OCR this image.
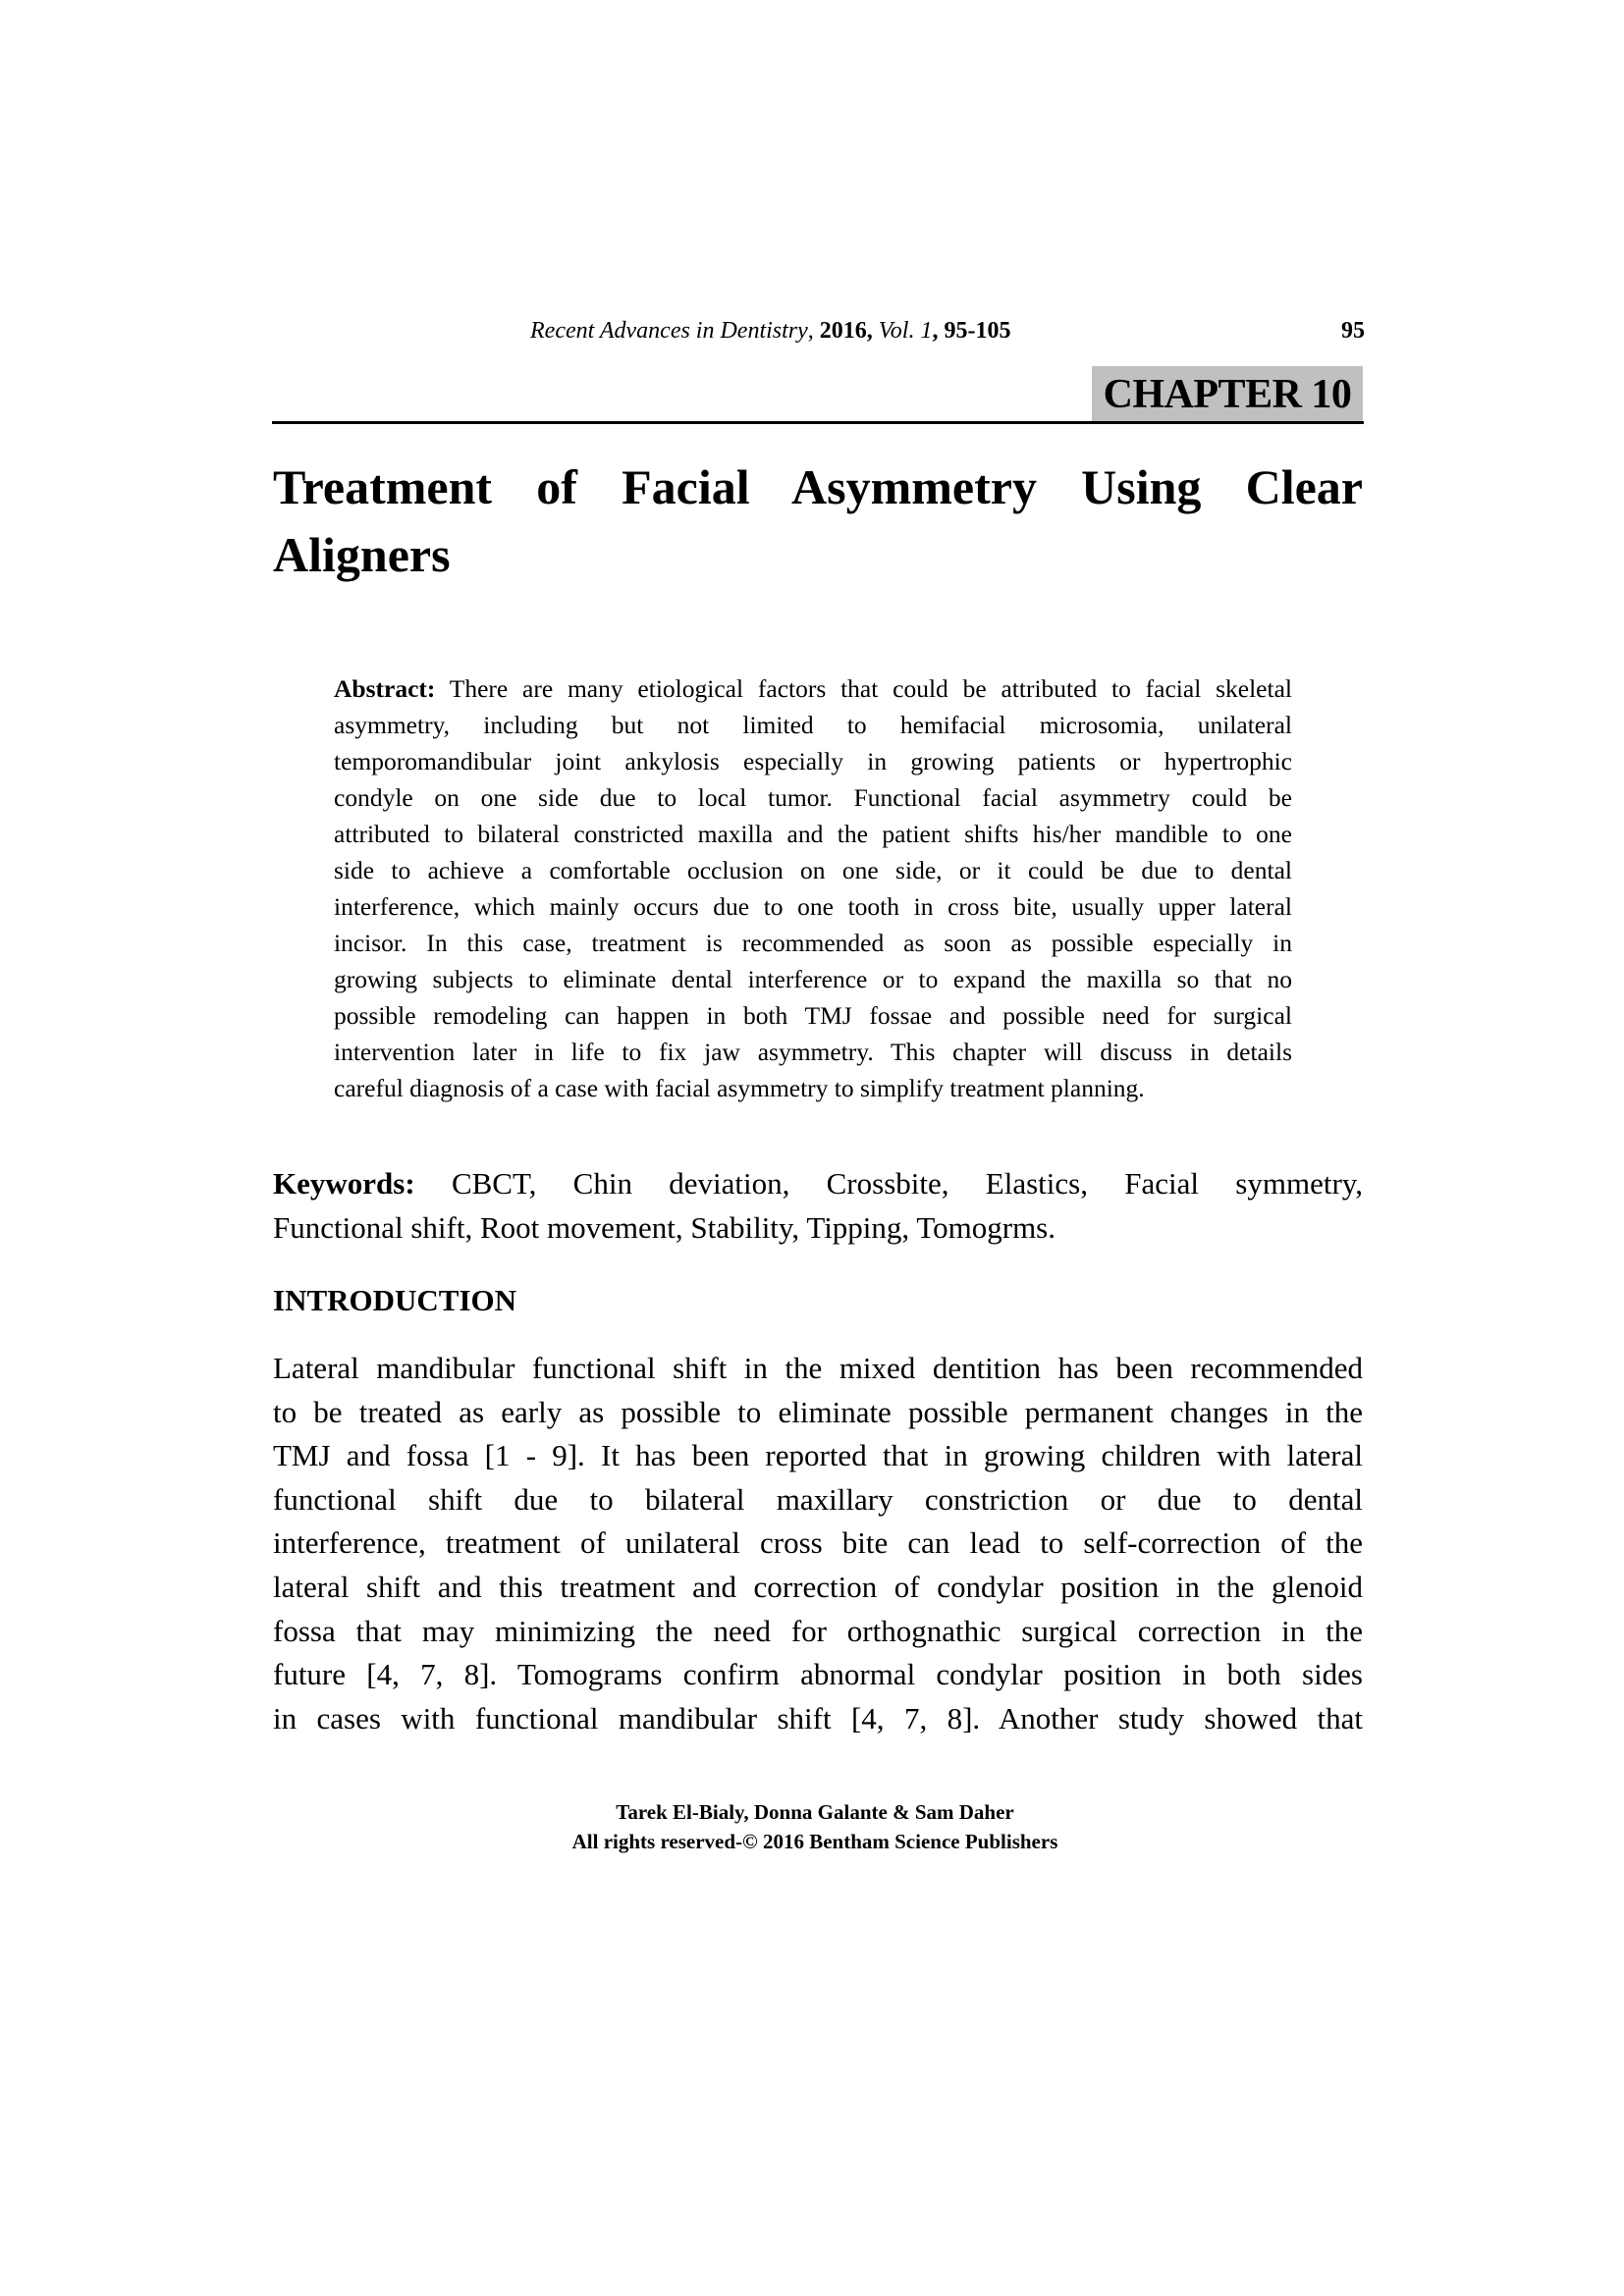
Recent Advances in Dentistry, 2016, Vol. 1, 95-105	95
CHAPTER 10
Treatment of Facial Asymmetry Using Clear
Aligners
Abstract: There are many etiological factors that could be attributed to facial skeletal
asymmetry, including but not limited to hemifacial microsomia, unilateral
temporomandibular joint ankylosis especially in growing patients or hypertrophic
condyle on one side due to local tumor. Functional facial asymmetry could be
attributed to bilateral constricted maxilla and the patient shifts his/her mandible to one
side to achieve a comfortable occlusion on one side, or it could be due to dental
interference, which mainly occurs due to one tooth in cross bite, usually upper lateral
incisor. In this case, treatment is recommended as soon as possible especially in
growing subjects to eliminate dental interference or to expand the maxilla so that no
possible remodeling can happen in both TMJ fossae and possible need for surgical
intervention later in life to fix jaw asymmetry. This chapter will discuss in details
careful diagnosis of a case with facial asymmetry to simplify treatment planning.
Keywords: CBCT, Chin deviation, Crossbite, Elastics, Facial symmetry,
Functional shift, Root movement, Stability, Tipping, Tomogrms.
INTRODUCTION
Lateral mandibular functional shift in the mixed dentition has been recommended
to be treated as early as possible to eliminate possible permanent changes in the
TMJ and fossa [1 - 9]. It has been reported that in growing children with lateral
functional shift due to bilateral maxillary constriction or due to dental
interference, treatment of unilateral cross bite can lead to self-correction of the
lateral shift and this treatment and correction of condylar position in the glenoid
fossa that may minimizing the need for orthognathic surgical correction in the
future [4, 7, 8]. Tomograms confirm abnormal condylar position in both sides
in cases with functional mandibular shift [4, 7, 8]. Another study showed that
Tarek El-Bialy, Donna Galante & Sam Daher
All rights reserved-© 2016 Bentham Science Publishers
